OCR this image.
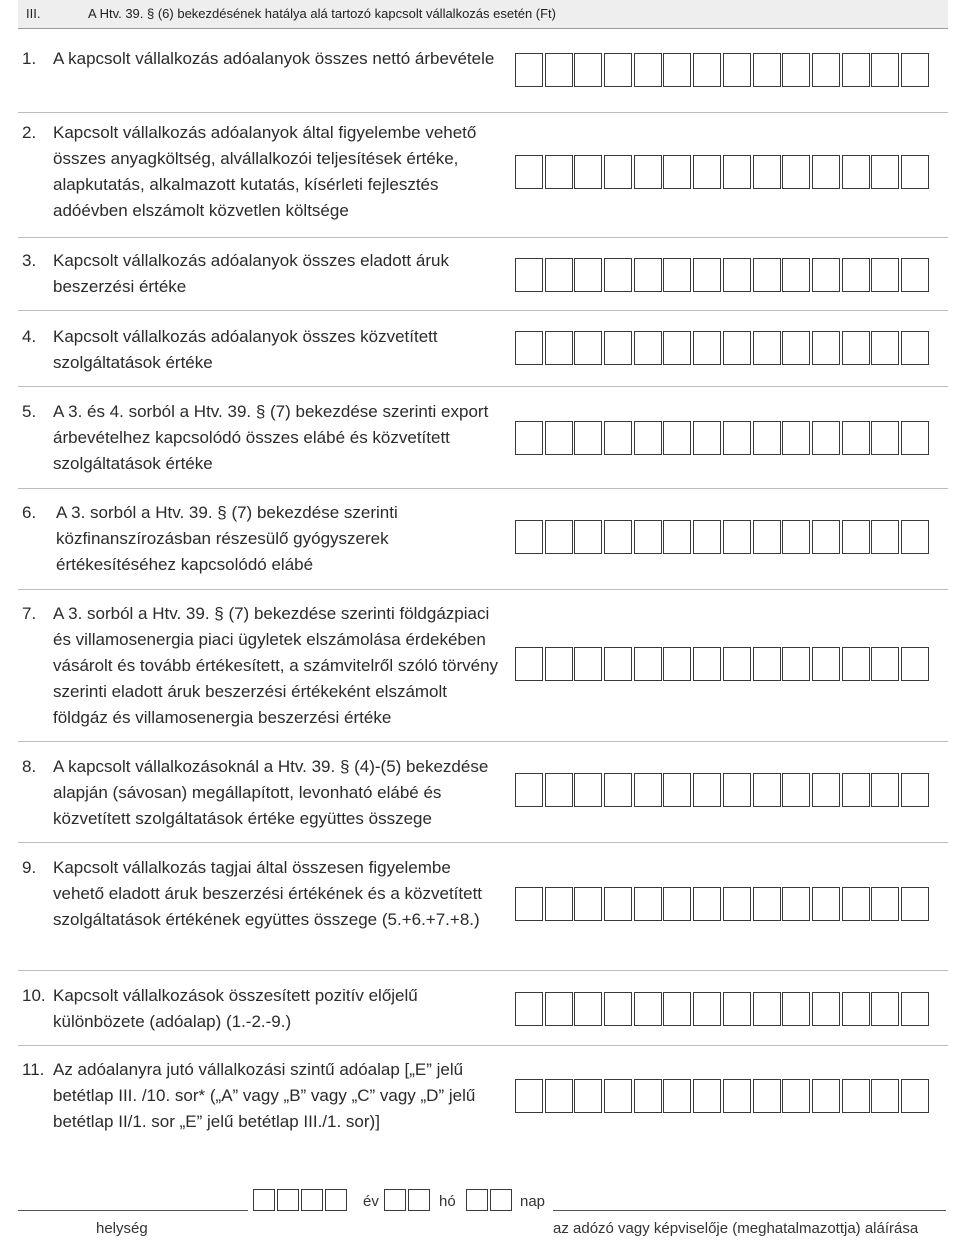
III.	A Htv. 39. § (6) bekezdésének hatálya alá tartozó kapcsolt vállalkozás esetén (Ft)
1. A kapcsolt vállalkozás adóalanyok összes nettó árbevétele
2. Kapcsolt vállalkozás adóalanyok által figyelembe vehető összes anyagköltség, alvállalkozói teljesítések értéke, alapkutatás, alkalmazott kutatás, kísérleti fejlesztés adóévben elszámolt közvetlen költsége
3. Kapcsolt vállalkozás adóalanyok összes eladott áruk beszerzési értéke
4. Kapcsolt vállalkozás adóalanyok összes közvetített szolgáltatások értéke
5. A 3. és 4. sorból a Htv. 39. § (7) bekezdése szerinti export árbevételhez kapcsolódó összes elábé és közvetített szolgáltatások értéke
6.	A 3. sorból a Htv. 39. § (7) bekezdése szerinti közfinanszírozásban részesülő gyógyszerek értékesítéséhez kapcsolódó elábé
7. A 3. sorból a Htv. 39. § (7) bekezdése szerinti földgázpiaci és villamosenergia piaci ügyletek elszámolása érdekében vásárolt és tovább értékesített, a számvitelről szóló törvény szerinti eladott áruk beszerzési értékeként elszámolt földgáz és villamosenergia beszerzési értéke
8. A kapcsolt vállalkozásoknál a Htv. 39. § (4)-(5) bekezdése alapján (sávosan) megállapított, levonható elábé és közvetített szolgáltatások értéke együttes összege
9. Kapcsolt vállalkozás tagjai által összesen figyelembe vehető eladott áruk beszerzési értékének és a közvetített szolgáltatások értékének együttes összege (5.+6.+7.+8.)
10. Kapcsolt vállalkozások összesített pozitív előjelű különbözete (adóalap) (1.-2.-9.)
11. Az adóalanyra jutó vállalkozási szintű adóalap [„E” jelű betétlap III. /10. sor* („A” vagy „B” vagy „C” vagy „D” jelű betétlap II/1. sor „E” jelű betétlap III./1. sor)]
helység
év	hó	nap
az adózó vagy képviselője (meghatalmazottja) aláírása
